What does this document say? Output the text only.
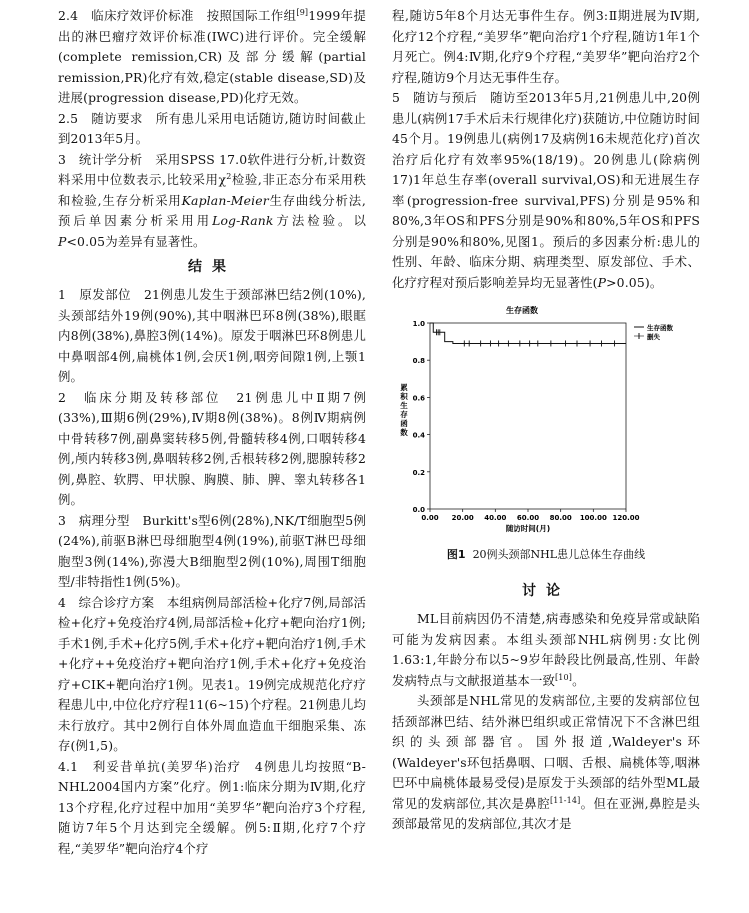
2.4　临床疗效评价标准　按照国际工作组[9]1999年提出的淋巴瘤疗效评价标准(IWC)进行评价。完全缓解(complete remission,CR)及部分缓解(partial remission,PR)化疗有效,稳定(stable disease,SD)及进展(progression disease,PD)化疗无效。

2.5　随访要求　所有患儿采用电话随访,随访时间截止到2013年5月。

3　统计学分析　采用SPSS 17.0软件进行分析,计数资料采用中位数表示,比较采用$\chi^2$检验,非正态分布采用秩和检验,生存分析采用Kaplan-Meier生存曲线分析法,预后单因素分析采用用Log-Rank方法检验。以P<0.05为差异有显著性。

结果

1　原发部位　21例患儿发生于颈部淋巴结2例(10%),头颈部结外19例(90%),其中咽淋巴环8例(38%),眼眶内8例(38%),鼻腔3例(14%)。原发于咽淋巴环8例患儿中鼻咽部4例,扁桃体1例,会厌1例,咽旁间隙1例,上颚1例。

2　临床分期及转移部位　21例患儿中Ⅱ期7例(33%),Ⅲ期6例(29%),Ⅳ期8例(38%)。8例Ⅳ期病例中骨转移7例,副鼻窦转移5例,骨髓转移4例,口咽转移4例,颅内转移3例,鼻咽转移2例,舌根转移2例,腮腺转移2例,鼻腔、软腭、甲状腺、胸膜、肺、脾、睾丸转移各1例。

3　病理分型　Burkitt's型6例(28%),NK/T细胞型5例(24%),前驱B淋巴母细胞型4例(19%),前驱T淋巴母细胞型3例(14%),弥漫大B细胞型2例(10%),周围T细胞型/非特指性1例(5%)。

4　综合诊疗方案　本组病例局部活检+化疗7例,局部活检+化疗+免疫治疗4例,局部活检+化疗+靶向治疗1例;手术1例,手术+化疗5例,手术+化疗+靶向治疗1例,手术+化疗++免疫治疗+靶向治疗1例,手术+化疗+免疫治疗+CIK+靶向治疗1例。见表1。19例完成规范化疗疗程患儿中,中位化疗疗程11(6~15)个疗程。21例患儿均未行放疗。其中2例行自体外周血造血干细胞采集、冻存(例1,5)。

4.1　利妥昔单抗(美罗华)治疗　4例患儿均按照“B-NHL2004国内方案”化疗。例1:临床分期为Ⅳ期,化疗13个疗程,化疗过程中加用“美罗华”靶向治疗3个疗程,随访7年5个月达到完全缓解。例5:Ⅱ期,化疗7个疗程,“美罗华”靶向治疗4个疗

程,随访5年8个月达无事件生存。例3:Ⅱ期进展为Ⅳ期,化疗12个疗程,“美罗华”靶向治疗1个疗程,随访1年1个月死亡。例4:Ⅳ期,化疗9个疗程,“美罗华”靶向治疗2个疗程,随访9个月达无事件生存。

5　随访与预后　随访至2013年5月,21例患儿中,20例患儿(病例17手术后未行规律化疗)获随访,中位随访时间45个月。19例患儿(病例17及病例16未规范化疗)首次治疗后化疗有效率95%(18/19)。20例患儿(除病例17)1年总生存率(overall survival,OS)和无进展生存率(progression-free survival,PFS)分别是95%和80%,3年OS和PFS分别是90%和80%,5年OS和PFS分别是90%和80%,见图1。预后的多因素分析:患儿的性别、年龄、临床分期、病理类型、原发部位、手术、化疗疗程对预后影响差异均无显著性(P>0.05)。

生存函数
0.0
0.2
0.4
0.6
0.8
1.0
0.00 20.00 40.00 60.00 80.00 100.00 120.00
随访时间(月)
累
积
生
存
函
数
生存函数
删失

图1 20例头颈部NHL患儿总体生存曲线

讨论

ML目前病因仍不清楚,病毒感染和免疫异常或缺陷可能为发病因素。本组头颈部NHL病例男:女比例1.63:1,年龄分布以5~9岁年龄段比例最高,性别、年龄发病特点与文献报道基本一致[10]。

头颈部是NHL常见的发病部位,主要的发病部位包括颈部淋巴结、结外淋巴组织或正常情况下不含淋巴组织的头颈部器官。国外报道,Waldeyer's环(Waldeyer's环包括鼻咽、口咽、舌根、扁桃体等,咽淋巴环中扁桃体最易受侵)是原发于头颈部的结外型ML最常见的发病部位,其次是鼻腔[11-14]。但在亚洲,鼻腔是头颈部最常见的发病部位,其次才是
